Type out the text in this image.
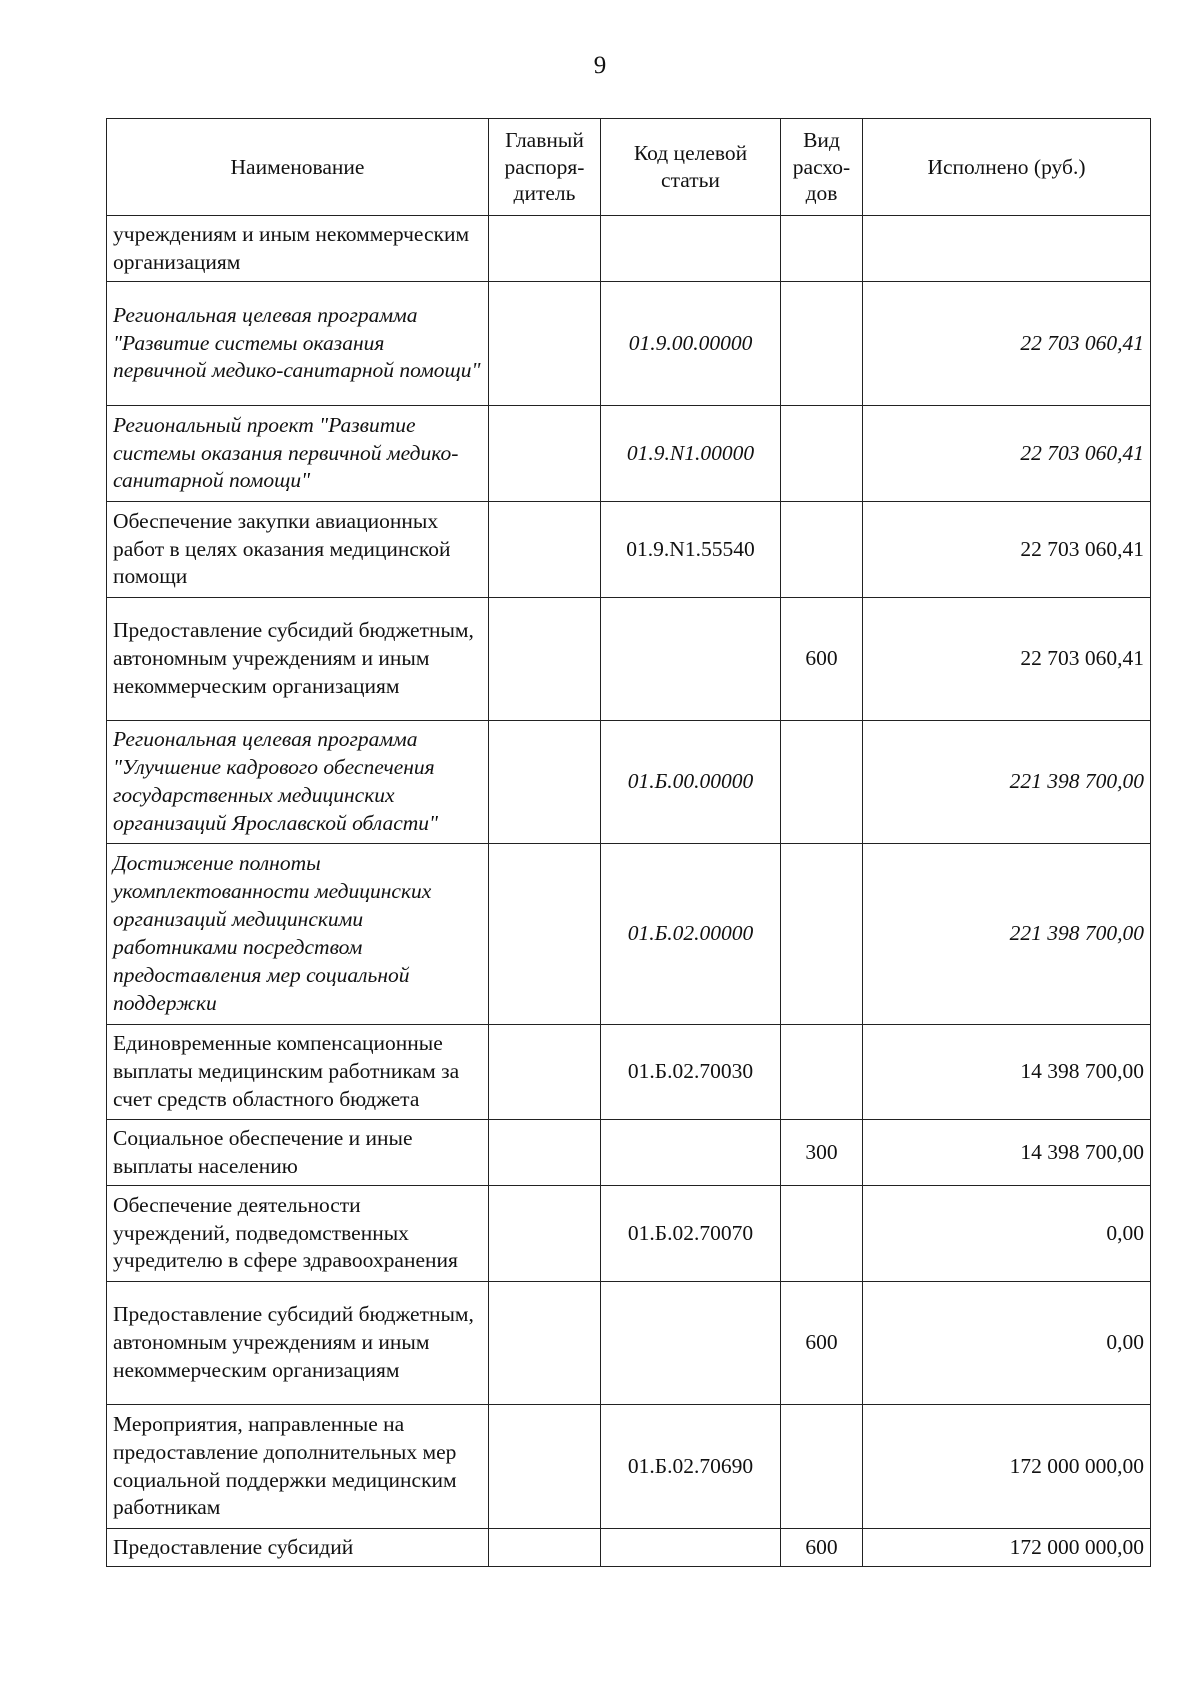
9
Наименование	Главный распоря-дитель	Код целевой статьи	Вид расхо-дов	Исполнено (руб.)
учреждениям и иным некоммерческим организациям				
Региональная целевая программа "Развитие системы оказания первичной медико-санитарной помощи"		01.9.00.00000		22 703 060,41
Региональный проект "Развитие системы оказания первичной медико-санитарной помощи"		01.9.N1.00000		22 703 060,41
Обеспечение закупки авиационных работ в целях оказания медицинской помощи		01.9.N1.55540		22 703 060,41
Предоставление субсидий бюджетным, автономным учреждениям и иным некоммерческим организациям			600	22 703 060,41
Региональная целевая программа "Улучшение кадрового обеспечения государственных медицинских организаций Ярославской области"		01.Б.00.00000		221 398 700,00
Достижение полноты укомплектованности медицинских организаций медицинскими работниками посредством предоставления мер социальной поддержки		01.Б.02.00000		221 398 700,00
Единовременные компенсационные выплаты медицинским работникам за счет средств областного бюджета		01.Б.02.70030		14 398 700,00
Социальное обеспечение и иные выплаты населению			300	14 398 700,00
Обеспечение деятельности учреждений, подведомственных учредителю в сфере здравоохранения		01.Б.02.70070		0,00
Предоставление субсидий бюджетным, автономным учреждениям и иным некоммерческим организациям			600	0,00
Мероприятия, направленные на предоставление дополнительных мер социальной поддержки медицинским работникам		01.Б.02.70690		172 000 000,00
Предоставление субсидий			600	172 000 000,00
